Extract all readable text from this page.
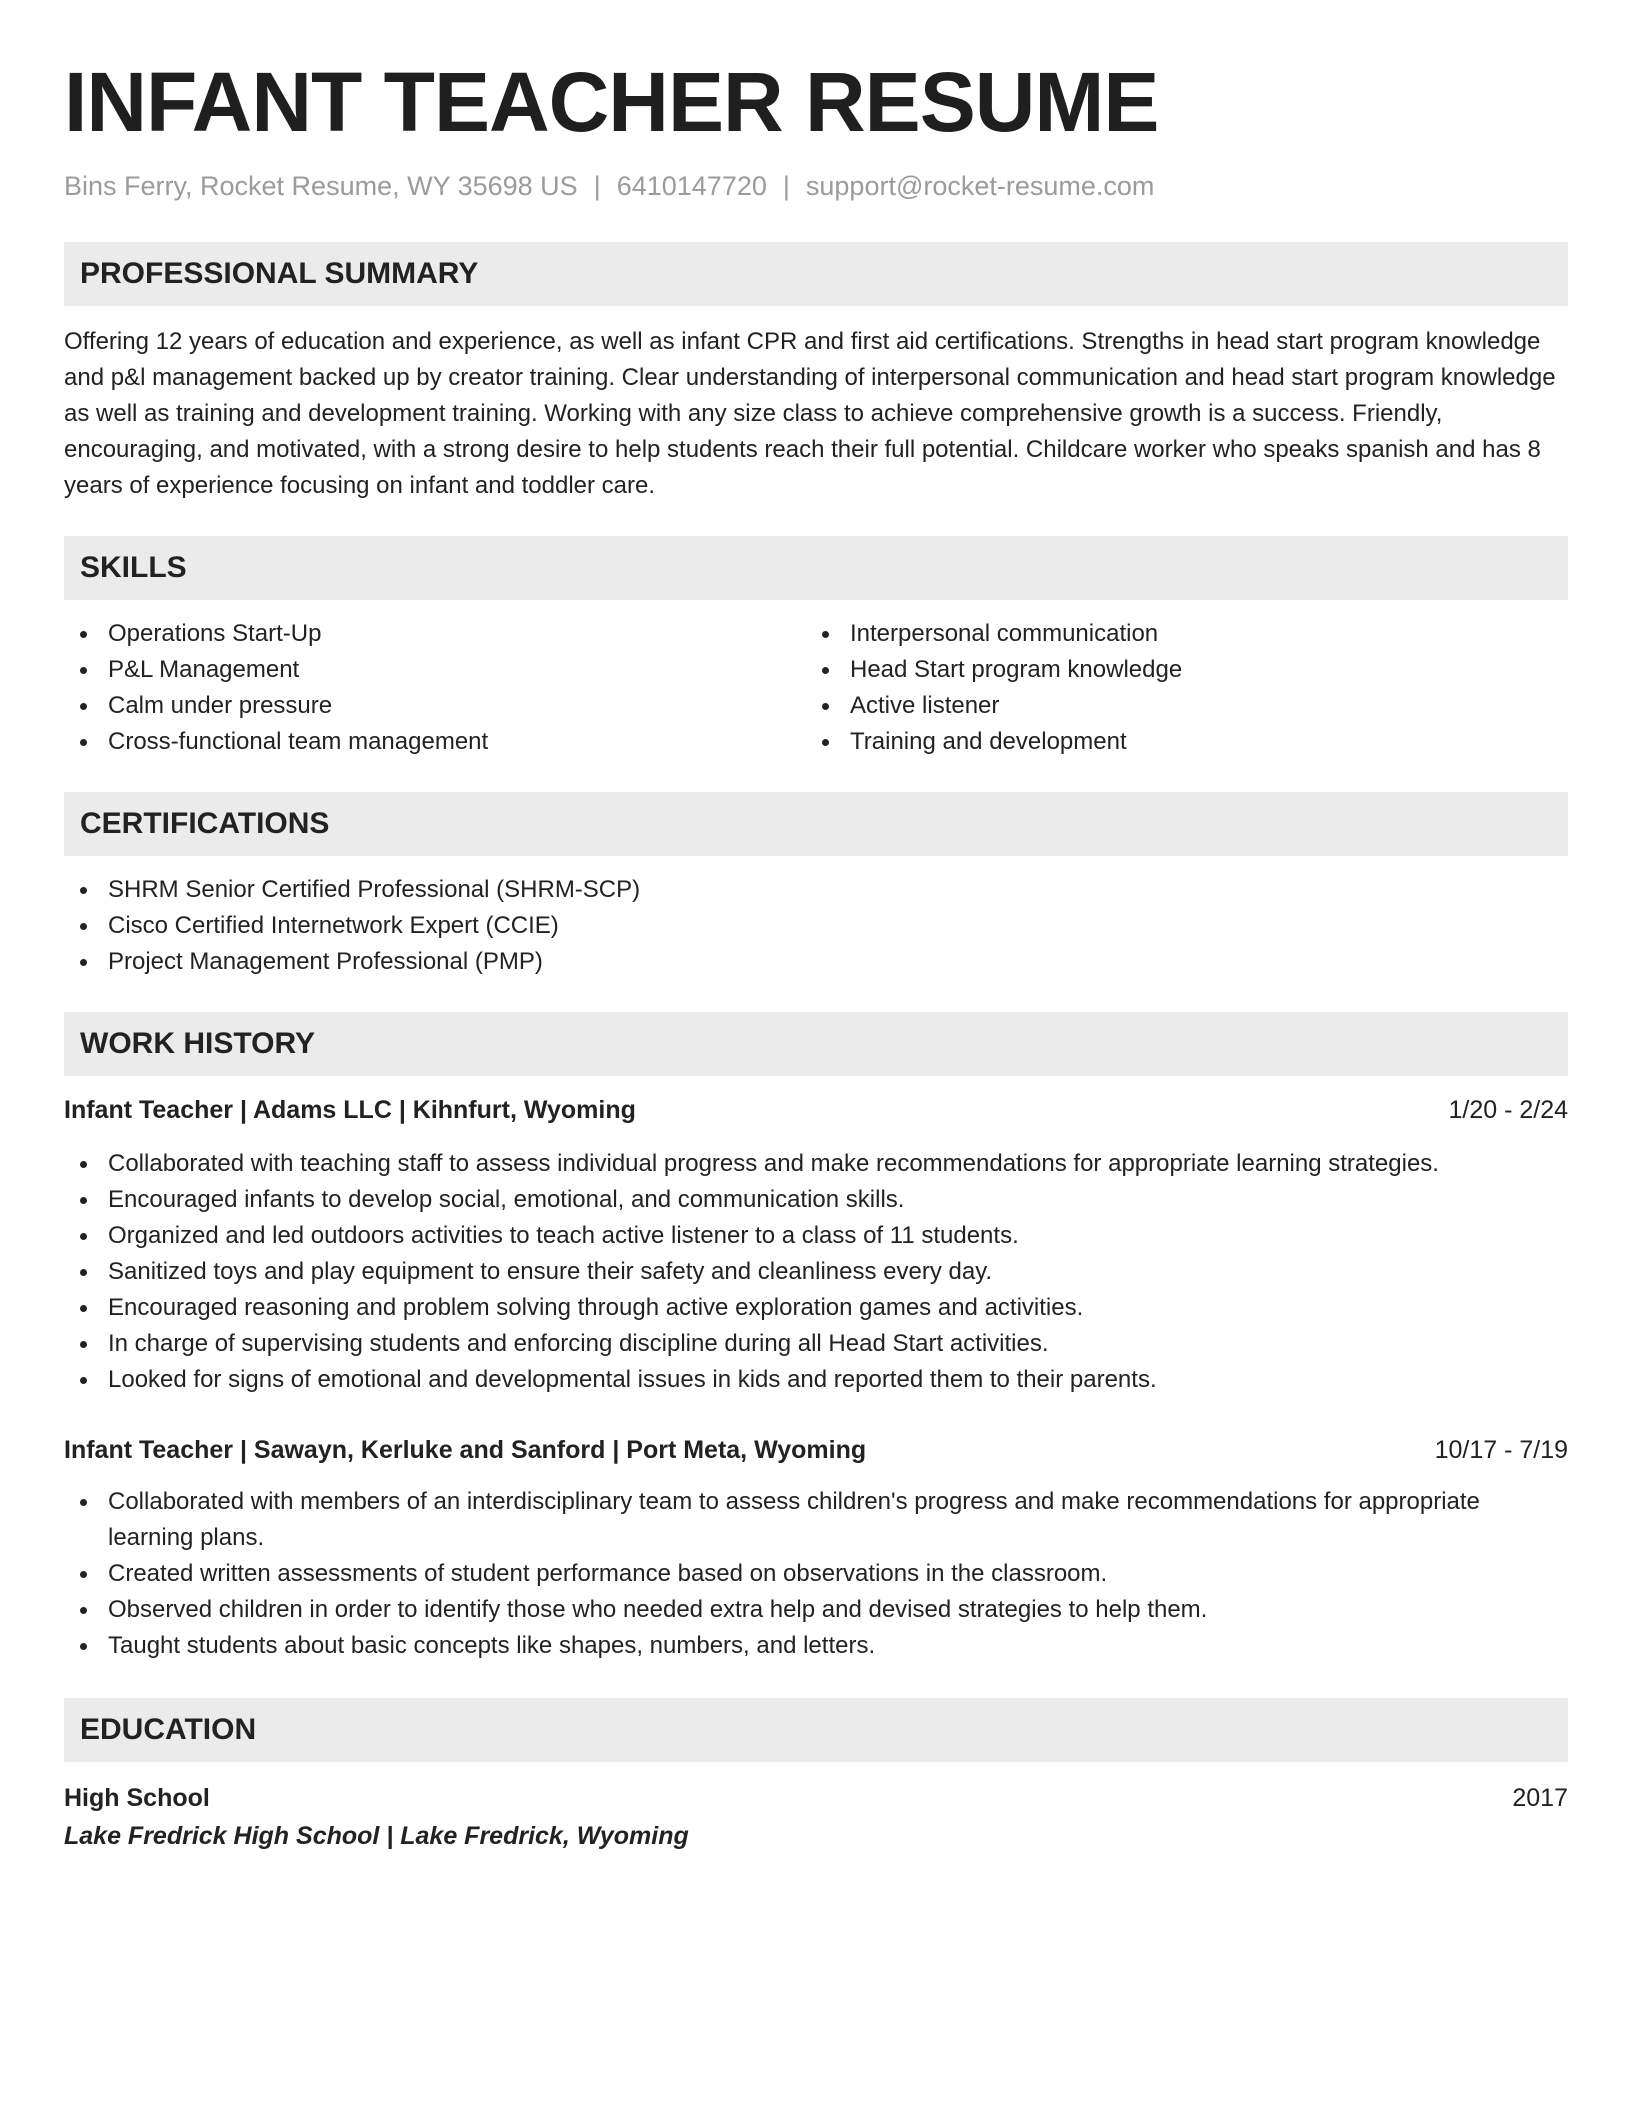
INFANT TEACHER RESUME
Bins Ferry, Rocket Resume, WY 35698 US | 6410147720 | support@rocket-resume.com
PROFESSIONAL SUMMARY

Offering 12 years of education and experience, as well as infant CPR and first aid certifications. Strengths in head start program knowledge and p&l management backed up by creator training. Clear understanding of interpersonal communication and head start program knowledge as well as training and development training. Working with any size class to achieve comprehensive growth is a success. Friendly, encouraging, and motivated, with a strong desire to help students reach their full potential. Childcare worker who speaks spanish and has 8 years of experience focusing on infant and toddler care.

SKILLS
Operations Start-Up
P&L Management
Calm under pressure
Cross-functional team management
Interpersonal communication
Head Start program knowledge
Active listener
Training and development
CERTIFICATIONS
SHRM Senior Certified Professional (SHRM-SCP)
Cisco Certified Internetwork Expert (CCIE)
Project Management Professional (PMP)
WORK HISTORY
Infant Teacher | Adams LLC | Kihnfurt, Wyoming	1/20 - 2/24
Collaborated with teaching staff to assess individual progress and make recommendations for appropriate learning strategies.
Encouraged infants to develop social, emotional, and communication skills.
Organized and led outdoors activities to teach active listener to a class of 11 students.
Sanitized toys and play equipment to ensure their safety and cleanliness every day.
Encouraged reasoning and problem solving through active exploration games and activities.
In charge of supervising students and enforcing discipline during all Head Start activities.
Looked for signs of emotional and developmental issues in kids and reported them to their parents.
Infant Teacher | Sawayn, Kerluke and Sanford | Port Meta, Wyoming	10/17 - 7/19
Collaborated with members of an interdisciplinary team to assess children's progress and make recommendations for appropriate learning plans.
Created written assessments of student performance based on observations in the classroom.
Observed children in order to identify those who needed extra help and devised strategies to help them.
Taught students about basic concepts like shapes, numbers, and letters.
EDUCATION
High School	2017
Lake Fredrick High School | Lake Fredrick, Wyoming
